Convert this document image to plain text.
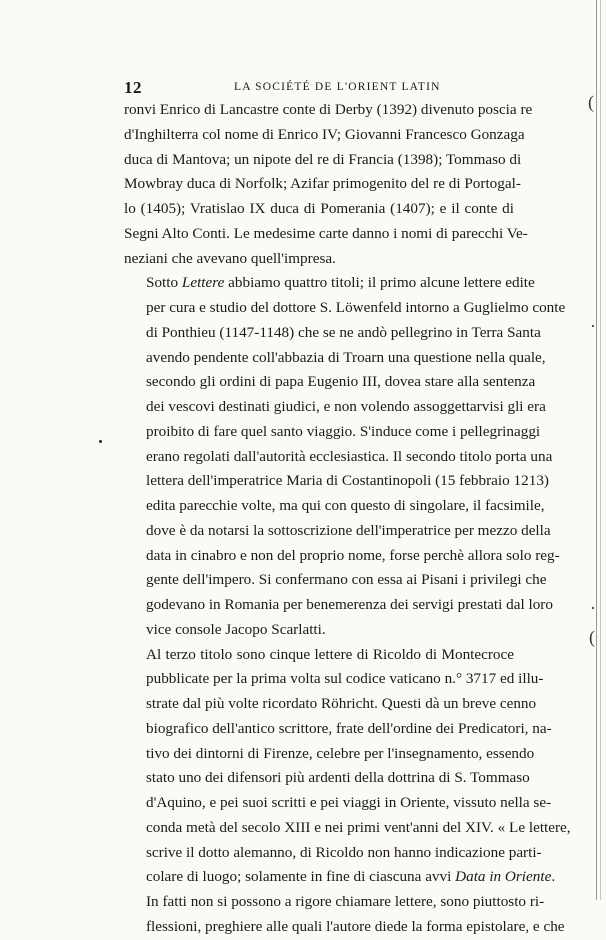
12	LA SOCIÉTÉ DE L'ORIENT LATIN
ronvi Enrico di Lancastre conte di Derby (1392) divenuto poscia re
d'Inghilterra col nome di Enrico IV; Giovanni Francesco Gonzaga
duca di Mantova; un nipote del re di Francia (1398); Tommaso di
Mowbray duca di Norfolk; Azifar primogenito del re di Portogal-
lo (1405); Vratislao IX duca di Pomerania (1407); e il conte di
Segni Alto Conti. Le medesime carte danno i nomi di parecchi Ve-
neziani che avevano quell'impresa.
Sotto Lettere abbiamo quattro titoli; il primo alcune lettere edite
per cura e studio del dottore S. Löwenfeld intorno a Guglielmo conte
di Ponthieu (1147-1148) che se ne andò pellegrino in Terra Santa
avendo pendente coll'abbazia di Troarn una questione nella quale,
secondo gli ordini di papa Eugenio III, dovea stare alla sentenza
dei vescovi destinati giudici, e non volendo assoggettarvisi gli era
proibito di fare quel santo viaggio. S'induce come i pellegrinaggi
erano regolati dall'autorità ecclesiastica. Il secondo titolo porta una
lettera dell'imperatrice Maria di Costantinopoli (15 febbraio 1213)
edita parecchie volte, ma qui con questo di singolare, il facsimile,
dove è da notarsi la sottoscrizione dell'imperatrice per mezzo della
data in cinabro e non del proprio nome, forse perchè allora solo reg-
gente dell'impero. Si confermano con essa ai Pisani i privilegi che
godevano in Romania per benemerenza dei servigi prestati dal loro
vice console Jacopo Scarlatti.
Al terzo titolo sono cinque lettere di Ricoldo di Montecroce
pubblicate per la prima volta sul codice vaticano n.° 3717 ed illu-
strate dal più volte ricordato Röhricht. Questi dà un breve cenno
biografico dell'antico scrittore, frate dell'ordine dei Predicatori, na-
tivo dei dintorni di Firenze, celebre per l'insegnamento, essendo
stato uno dei difensori più ardenti della dottrina di S. Tommaso
d'Aquino, e pei suoi scritti e pei viaggi in Oriente, vissuto nella se-
conda metà del secolo XIII e nei primi vent'anni del XIV. « Le lettere,
scrive il dotto alemanno, di Ricoldo non hanno indicazione parti-
colare di luogo; solamente in fine di ciascuna avvi Data in Oriente.
In fatti non si possono a rigore chiamare lettere, sono piuttosto ri-
flessioni, preghiere alle quali l'autore diede la forma epistolare, e che
(
·
·
(
